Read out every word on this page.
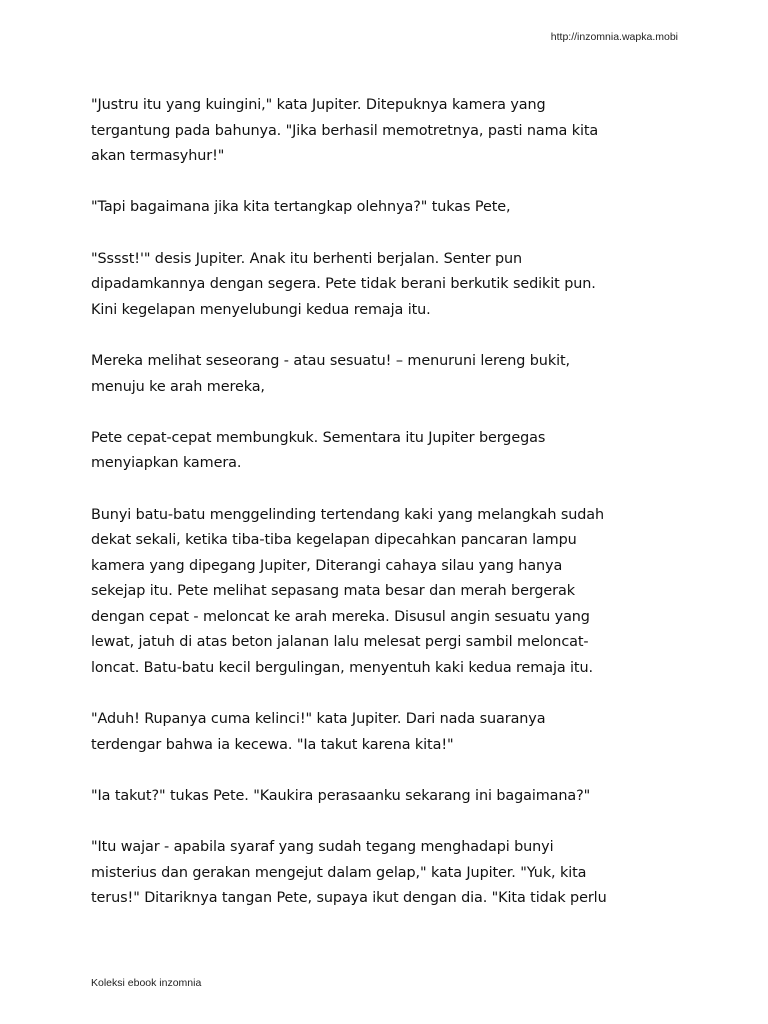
http://inzomnia.wapka.mobi

"Justru itu yang kuingini," kata Jupiter. Ditepuknya kamera yang
tergantung pada bahunya. "Jika berhasil memotretnya, pasti nama kita
akan termasyhur!"

"Tapi bagaimana jika kita tertangkap olehnya?" tukas Pete,

"Sssst!'" desis Jupiter. Anak itu berhenti berjalan. Senter pun
dipadamkannya dengan segera. Pete tidak berani berkutik sedikit pun.
Kini kegelapan menyelubungi kedua remaja itu.

Mereka melihat seseorang - atau sesuatu! – menuruni lereng bukit,
menuju ke arah mereka,

Pete cepat-cepat membungkuk. Sementara itu Jupiter bergegas
menyiapkan kamera.

Bunyi batu-batu menggelinding tertendang kaki yang melangkah sudah
dekat sekali, ketika tiba-tiba kegelapan dipecahkan pancaran lampu
kamera yang dipegang Jupiter, Diterangi cahaya silau yang hanya
sekejap itu. Pete melihat sepasang mata besar dan merah bergerak
dengan cepat - meloncat ke arah mereka. Disusul angin sesuatu yang
lewat, jatuh di atas beton jalanan lalu melesat pergi sambil meloncat-
loncat. Batu-batu kecil bergulingan, menyentuh kaki kedua remaja itu.

"Aduh! Rupanya cuma kelinci!" kata Jupiter. Dari nada suaranya
terdengar bahwa ia kecewa. "Ia takut karena kita!"

"Ia takut?" tukas Pete. "Kaukira perasaanku sekarang ini bagaimana?"

"Itu wajar - apabila syaraf yang sudah tegang menghadapi bunyi
misterius dan gerakan mengejut dalam gelap," kata Jupiter. "Yuk, kita
terus!" Ditariknya tangan Pete, supaya ikut dengan dia. "Kita tidak perlu

Koleksi ebook inzomnia
